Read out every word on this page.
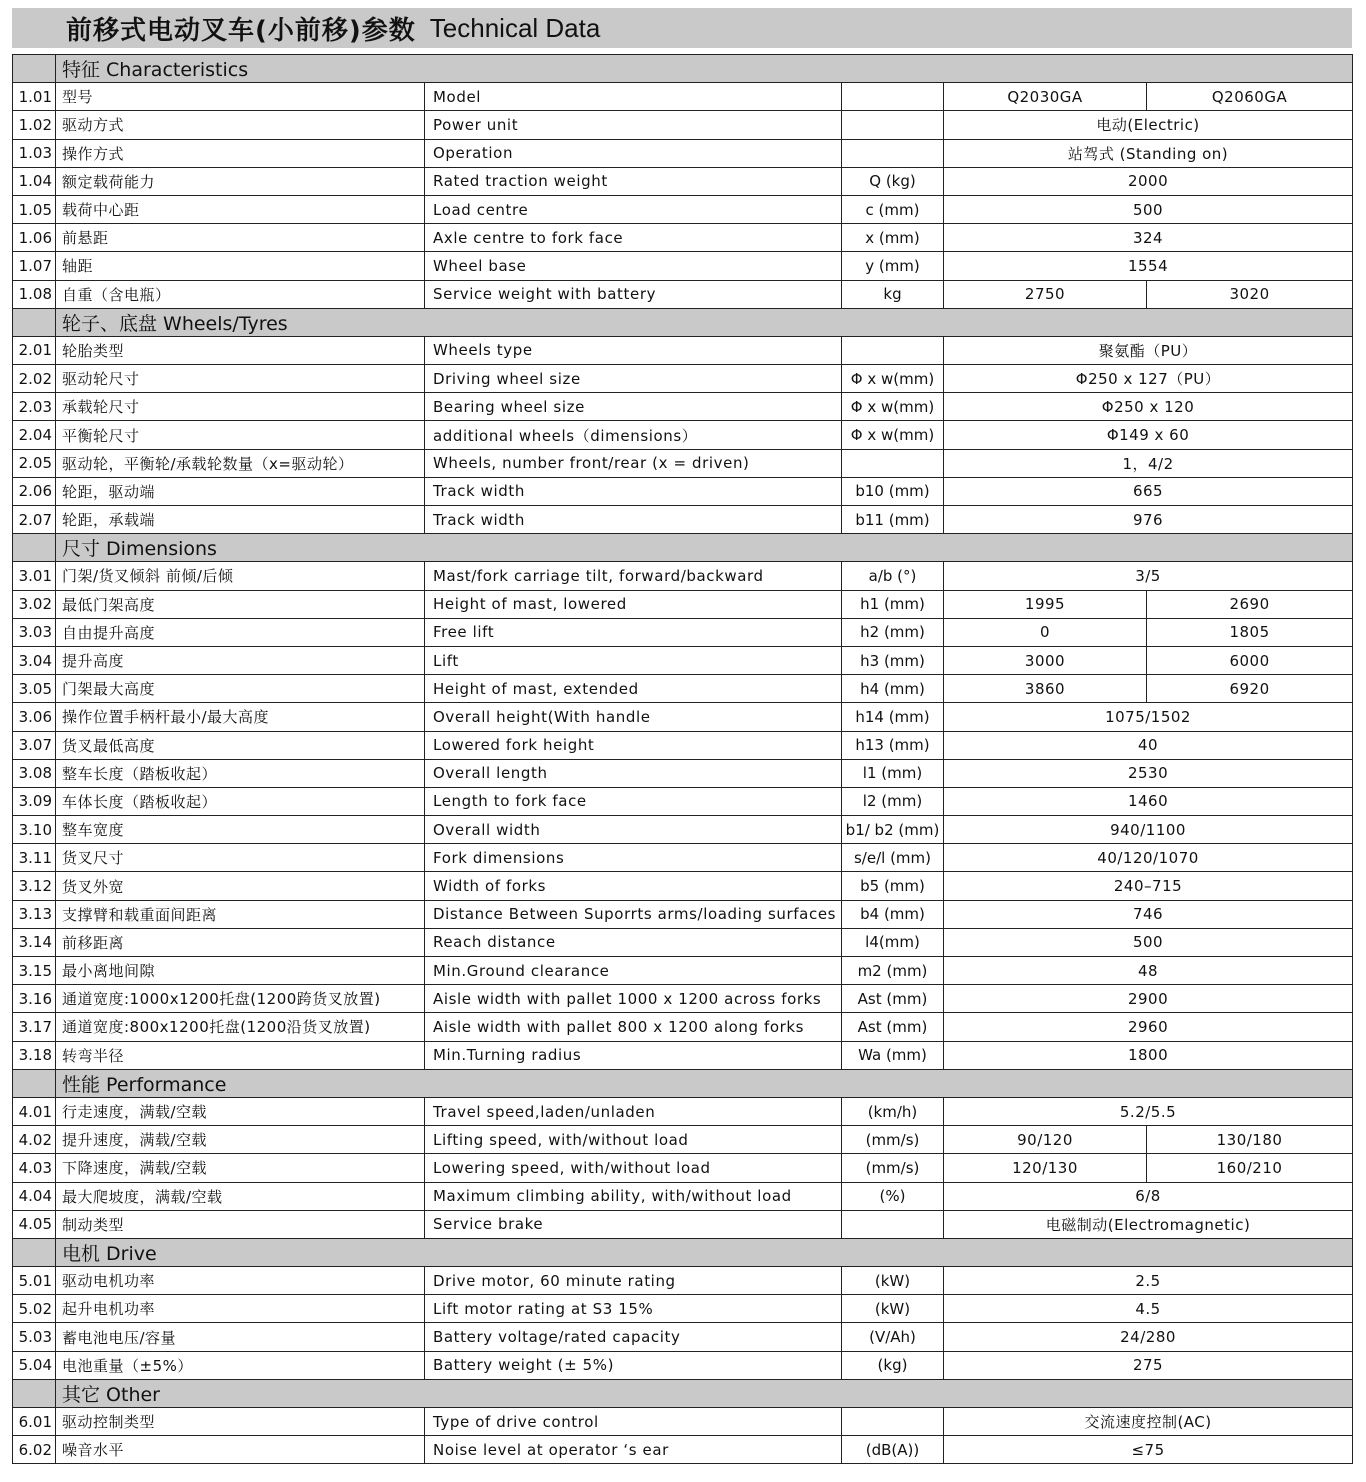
前移式电动叉车(小前移)参数 Technical Data
	特征 Characteristics				
1.01	型号	Model		Q2030GA	Q2060GA
1.02	驱动方式	Power unit		电动(Electric)	
1.03	操作方式	Operation		站驾式 (Standing on)	
1.04	额定载荷能力	Rated traction weight	Q (kg)	2000	
1.05	载荷中心距	Load centre	c (mm)	500	
1.06	前悬距	Axle centre to fork face	x (mm)	324	
1.07	轴距	Wheel base	y (mm)	1554	
1.08	自重（含电瓶）	Service weight with battery	kg	2750	3020
	轮子、底盘 Wheels/Tyres				
2.01	轮胎类型	Wheels type		聚氨酯（PU）	
2.02	驱动轮尺寸	Driving wheel size	Φ x w(mm)	Φ250 x 127（PU）	
2.03	承载轮尺寸	Bearing wheel size	Φ x w(mm)	Φ250 x 120	
2.04	平衡轮尺寸	additional wheels（dimensions）	Φ x w(mm)	Φ149 x 60	
2.05	驱动轮，平衡轮/承载轮数量（x=驱动轮）	Wheels, number front/rear (x = driven)		1，4/2	
2.06	轮距，驱动端	Track width	b10 (mm)	665	
2.07	轮距，承载端	Track width	b11 (mm)	976	
	尺寸 Dimensions				
3.01	门架/货叉倾斜 前倾/后倾	Mast/fork carriage tilt, forward/backward	a/b (°)	3/5	
3.02	最低门架高度	Height of mast, lowered	h1 (mm)	1995	2690
3.03	自由提升高度	Free lift	h2 (mm)	0	1805
3.04	提升高度	Lift	h3 (mm)	3000	6000
3.05	门架最大高度	Height of mast, extended	h4 (mm)	3860	6920
3.06	操作位置手柄杆最小/最大高度	Overall height(With handle	h14 (mm)	1075/1502	
3.07	货叉最低高度	Lowered fork height	h13 (mm)	40	
3.08	整车长度（踏板收起）	Overall length	l1 (mm)	2530	
3.09	车体长度（踏板收起）	Length to fork face	l2 (mm)	1460	
3.10	整车宽度	Overall width	b1/ b2 (mm)	940/1100	
3.11	货叉尺寸	Fork dimensions	s/e/l (mm)	40/120/1070	
3.12	货叉外宽	Width of forks	b5 (mm)	240–715	
3.13	支撑臂和载重面间距离	Distance Between Suporrts arms/loading surfaces	b4 (mm)	746	
3.14	前移距离	Reach distance	l4(mm)	500	
3.15	最小离地间隙	Min.Ground clearance	m2 (mm)	48	
3.16	通道宽度:1000x1200托盘(1200跨货叉放置)	Aisle width with pallet 1000 x 1200 across forks	Ast (mm)	2900	
3.17	通道宽度:800x1200托盘(1200沿货叉放置)	Aisle width with pallet 800 x 1200 along forks	Ast (mm)	2960	
3.18	转弯半径	Min.Turning radius	Wa (mm)	1800	
	性能 Performance				
4.01	行走速度，满载/空载	Travel speed,laden/unladen	(km/h)	5.2/5.5	
4.02	提升速度，满载/空载	Lifting speed, with/without load	(mm/s)	90/120	130/180
4.03	下降速度，满载/空载	Lowering speed, with/without load	(mm/s)	120/130	160/210
4.04	最大爬坡度，满载/空载	Maximum climbing ability, with/without load	(%)	6/8	
4.05	制动类型	Service brake		电磁制动(Electromagnetic)	
	电机 Drive				
5.01	驱动电机功率	Drive motor, 60 minute rating	(kW)	2.5	
5.02	起升电机功率	Lift motor rating at S3 15%	(kW)	4.5	
5.03	蓄电池电压/容量	Battery voltage/rated capacity	(V/Ah)	24/280	
5.04	电池重量（±5%）	Battery weight (± 5%)	(kg)	275	
	其它 Other				
6.01	驱动控制类型	Type of drive control		交流速度控制(AC)	
6.02	噪音水平	Noise level at operator ‘s ear	(dB(A))	≤75	
